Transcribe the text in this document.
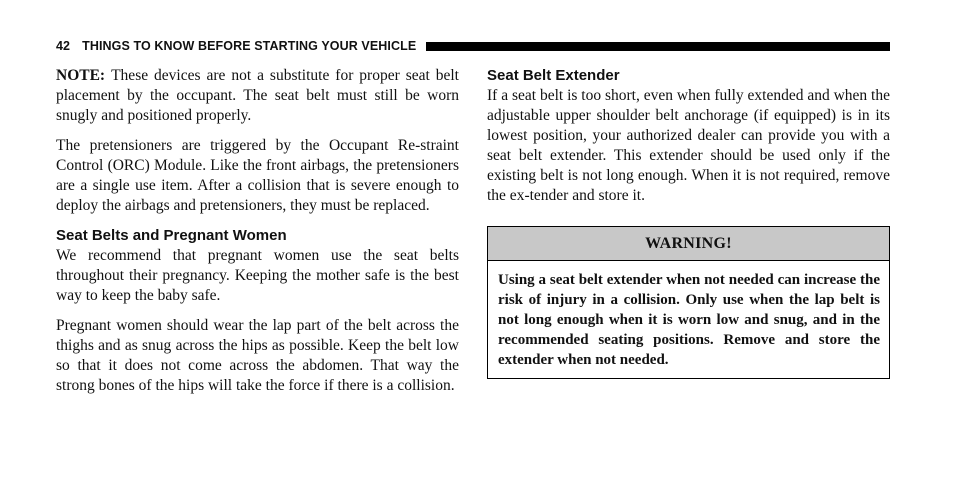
42 THINGS TO KNOW BEFORE STARTING YOUR VEHICLE

NOTE: These devices are not a substitute for proper seat belt placement by the occupant. The seat belt must still be worn snugly and positioned properly.

The pretensioners are triggered by the Occupant Re-straint Control (ORC) Module. Like the front airbags, the pretensioners are a single use item. After a collision that is severe enough to deploy the airbags and pretensioners, they must be replaced.

Seat Belts and Pregnant Women

We recommend that pregnant women use the seat belts throughout their pregnancy. Keeping the mother safe is the best way to keep the baby safe.

Pregnant women should wear the lap part of the belt across the thighs and as snug across the hips as possible. Keep the belt low so that it does not come across the abdomen. That way the strong bones of the hips will take the force if there is a collision.

Seat Belt Extender

If a seat belt is too short, even when fully extended and when the adjustable upper shoulder belt anchorage (if equipped) is in its lowest position, your authorized dealer can provide you with a seat belt extender. This extender should be used only if the existing belt is not long enough. When it is not required, remove the ex-tender and store it.

WARNING!
Using a seat belt extender when not needed can increase the risk of injury in a collision. Only use when the lap belt is not long enough when it is worn low and snug, and in the recommended seating positions. Remove and store the extender when not needed.
